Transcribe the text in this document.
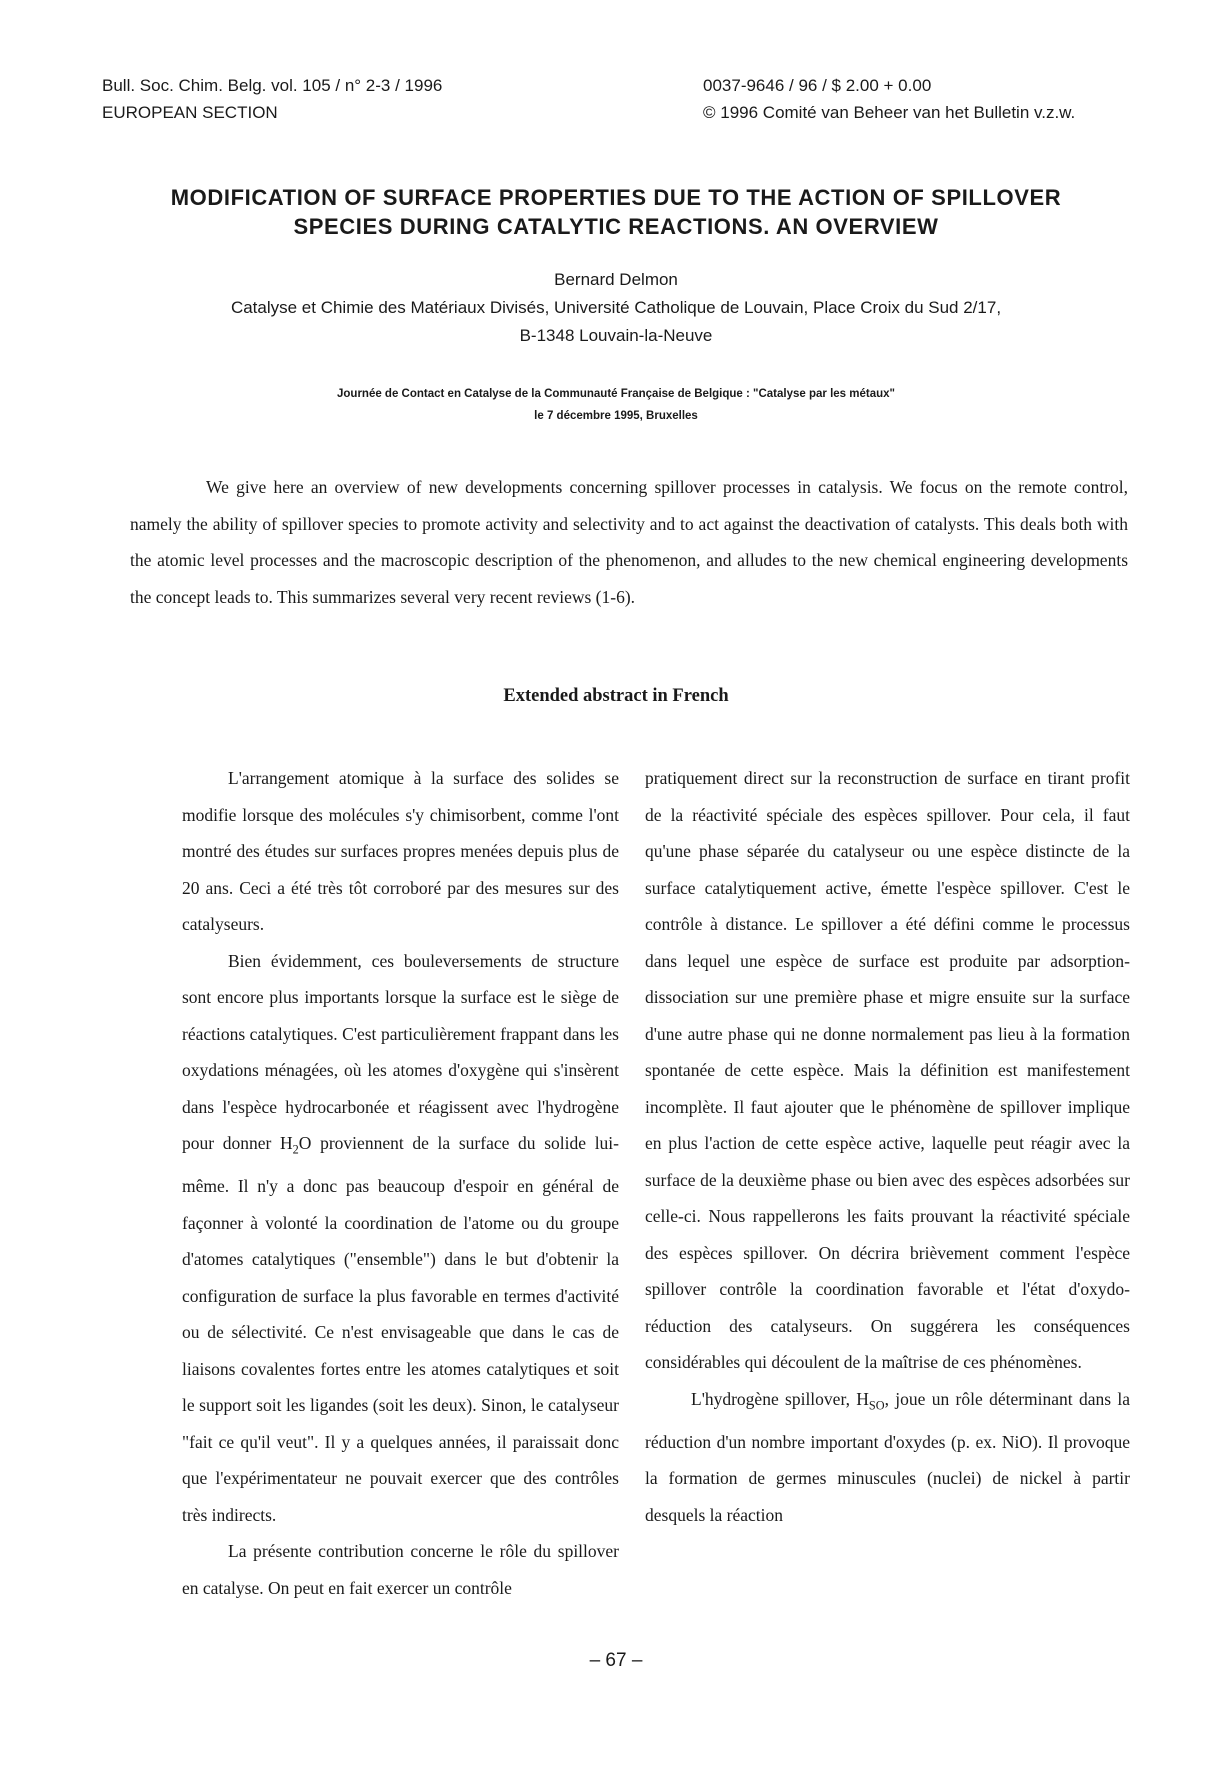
Bull. Soc. Chim. Belg. vol. 105 / n° 2-3 / 1996
EUROPEAN SECTION
0037-9646 / 96 / $ 2.00 + 0.00
© 1996 Comité van Beheer van het Bulletin v.z.w.
MODIFICATION OF SURFACE PROPERTIES DUE TO THE ACTION OF SPILLOVER
SPECIES DURING CATALYTIC REACTIONS. AN OVERVIEW
Bernard Delmon
Catalyse et Chimie des Matériaux Divisés, Université Catholique de Louvain, Place Croix du Sud 2/17,
B-1348 Louvain-la-Neuve
Journée de Contact en Catalyse de la Communauté Française de Belgique : "Catalyse par les métaux"
le 7 décembre 1995, Bruxelles

We give here an overview of new developments concerning spillover processes in catalysis. We focus on the remote control, namely the ability of spillover species to promote activity and selectivity and to act against the deactivation of catalysts. This deals both with the atomic level processes and the macroscopic description of the phenomenon, and alludes to the new chemical engineering developments the concept leads to. This summarizes several very recent reviews (1-6).

Extended abstract in French

L'arrangement atomique à la surface des solides se modifie lorsque des molécules s'y chimisorbent, comme l'ont montré des études sur surfaces propres menées depuis plus de 20 ans. Ceci a été très tôt corroboré par des mesures sur des catalyseurs.

Bien évidemment, ces bouleversements de structure sont encore plus importants lorsque la surface est le siège de réactions catalytiques. C'est particulièrement frappant dans les oxydations ménagées, où les atomes d'oxygène qui s'insèrent dans l'espèce hydrocarbonée et réagissent avec l'hydrogène pour donner $H_2O$ proviennent de la surface du solide lui-même. Il n'y a donc pas beaucoup d'espoir en général de façonner à volonté la coordination de l'atome ou du groupe d'atomes catalytiques ("ensemble") dans le but d'obtenir la configuration de surface la plus favorable en termes d'activité ou de sélectivité. Ce n'est envisageable que dans le cas de liaisons covalentes fortes entre les atomes catalytiques et soit le support soit les ligandes (soit les deux). Sinon, le catalyseur "fait ce qu'il veut". Il y a quelques années, il paraissait donc que l'expérimentateur ne pouvait exercer que des contrôles très indirects.

La présente contribution concerne le rôle du spillover en catalyse. On peut en fait exercer un contrôle

pratiquement direct sur la reconstruction de surface en tirant profit de la réactivité spéciale des espèces spillover. Pour cela, il faut qu'une phase séparée du catalyseur ou une espèce distincte de la surface catalytiquement active, émette l'espèce spillover. C'est le contrôle à distance. Le spillover a été défini comme le processus dans lequel une espèce de surface est produite par adsorption-dissociation sur une première phase et migre ensuite sur la surface d'une autre phase qui ne donne normalement pas lieu à la formation spontanée de cette espèce. Mais la définition est manifestement incomplète. Il faut ajouter que le phénomène de spillover implique en plus l'action de cette espèce active, laquelle peut réagir avec la surface de la deuxième phase ou bien avec des espèces adsorbées sur celle-ci. Nous rappellerons les faits prouvant la réactivité spéciale des espèces spillover. On décrira brièvement comment l'espèce spillover contrôle la coordination favorable et l'état d'oxydo-réduction des catalyseurs. On suggérera les conséquences considérables qui découlent de la maîtrise de ces phénomènes.

L'hydrogène spillover, $H_{SO}$, joue un rôle déterminant dans la réduction d'un nombre important d'oxydes (p. ex. NiO). Il provoque la formation de germes minuscules (nuclei) de nickel à partir desquels la réaction

– 67 –
